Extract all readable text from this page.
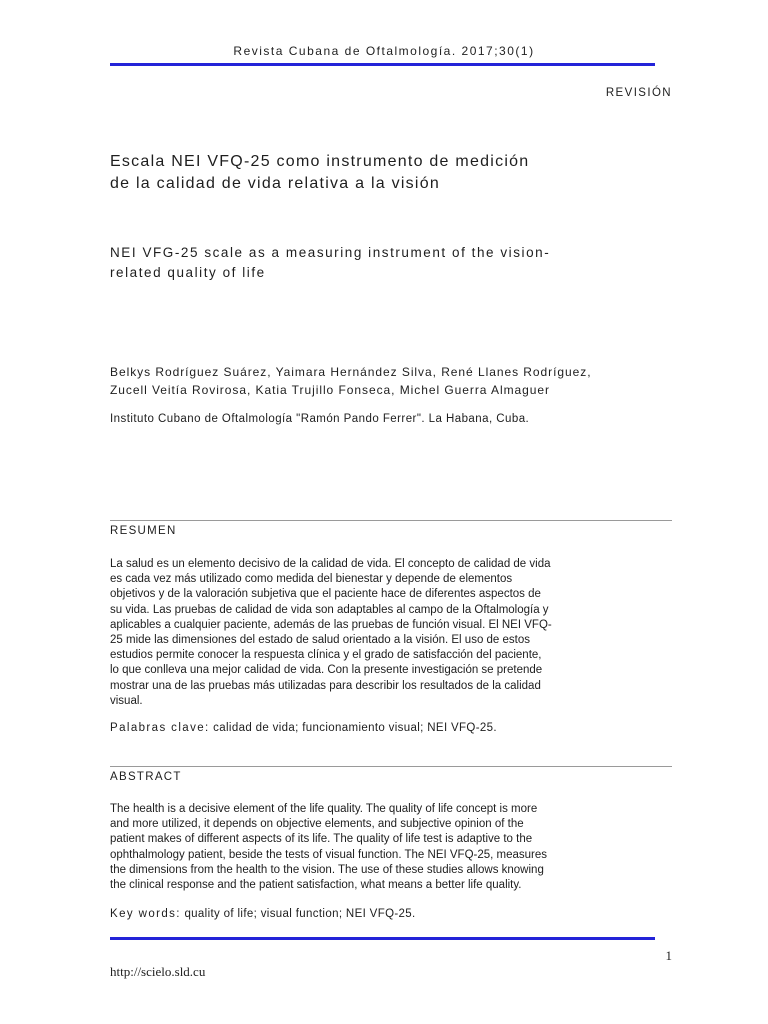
Revista Cubana de Oftalmología. 2017;30(1)
REVISIÓN
Escala NEI VFQ-25 como instrumento de medición
de la calidad de vida relativa a la visión
NEI VFG-25 scale as a measuring instrument of the vision-
related quality of life
Belkys Rodríguez Suárez, Yaimara Hernández Silva, René Llanes Rodríguez,
Zucell Veitía Rovirosa, Katia Trujillo Fonseca, Michel Guerra Almaguer
Instituto Cubano de Oftalmología "Ramón Pando Ferrer". La Habana, Cuba.
RESUMEN
La salud es un elemento decisivo de la calidad de vida. El concepto de calidad de vida
es cada vez más utilizado como medida del bienestar y depende de elementos
objetivos y de la valoración subjetiva que el paciente hace de diferentes aspectos de
su vida. Las pruebas de calidad de vida son adaptables al campo de la Oftalmología y
aplicables a cualquier paciente, además de las pruebas de función visual. El NEI VFQ-
25 mide las dimensiones del estado de salud orientado a la visión. El uso de estos
estudios permite conocer la respuesta clínica y el grado de satisfacción del paciente,
lo que conlleva una mejor calidad de vida. Con la presente investigación se pretende
mostrar una de las pruebas más utilizadas para describir los resultados de la calidad
visual.
Palabras clave: calidad de vida; funcionamiento visual; NEI VFQ-25.
ABSTRACT
The health is a decisive element of the life quality. The quality of life concept is more
and more utilized, it depends on objective elements, and subjective opinion of the
patient makes of different aspects of its life. The quality of life test is adaptive to the
ophthalmology patient, beside the tests of visual function. The NEI VFQ-25, measures
the dimensions from the health to the vision. The use of these studies allows knowing
the clinical response and the patient satisfaction, what means a better life quality.
Key words: quality of life; visual function; NEI VFQ-25.
1
http://scielo.sld.cu
